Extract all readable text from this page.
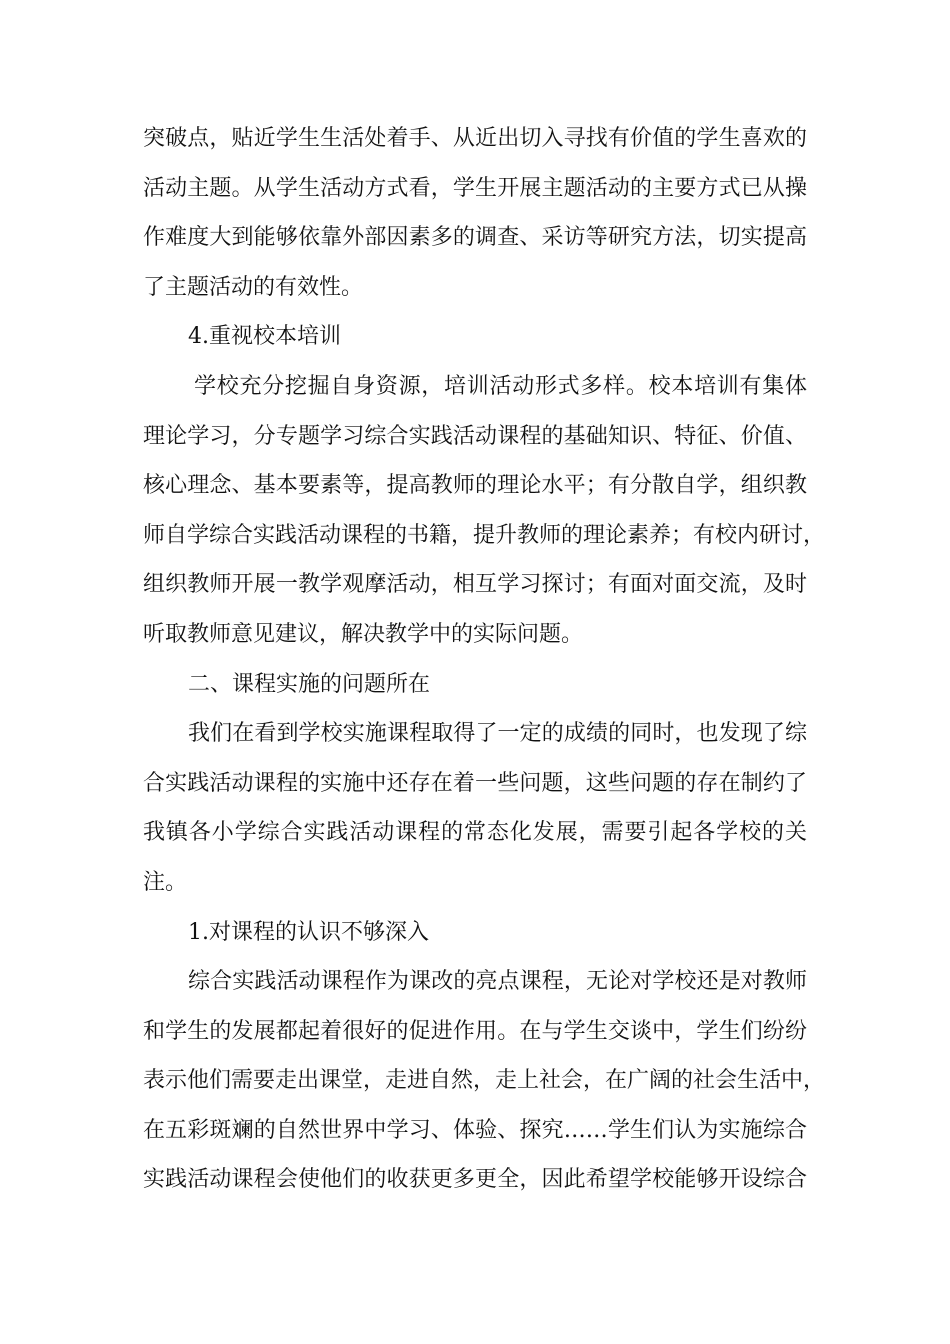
突破点，贴近学生生活处着手、从近出切入寻找有价值的学生喜欢的
活动主题。从学生活动方式看，学生开展主题活动的主要方式已从操
作难度大到能够依靠外部因素多的调查、采访等研究方法，切实提高
了主题活动的有效性。
4.重视校本培训
学校充分挖掘自身资源，培训活动形式多样。校本培训有集体
理论学习，分专题学习综合实践活动课程的基础知识、特征、价值、
核心理念、基本要素等，提高教师的理论水平；有分散自学，组织教
师自学综合实践活动课程的书籍，提升教师的理论素养；有校内研讨，
组织教师开展一教学观摩活动，相互学习探讨；有面对面交流，及时
听取教师意见建议，解决教学中的实际问题。
二、课程实施的问题所在
我们在看到学校实施课程取得了一定的成绩的同时，也发现了综
合实践活动课程的实施中还存在着一些问题，这些问题的存在制约了
我镇各小学综合实践活动课程的常态化发展，需要引起各学校的关
注。
1.对课程的认识不够深入
综合实践活动课程作为课改的亮点课程，无论对学校还是对教师
和学生的发展都起着很好的促进作用。在与学生交谈中，学生们纷纷
表示他们需要走出课堂，走进自然，走上社会，在广阔的社会生活中，
在五彩斑斓的自然世界中学习、体验、探究……学生们认为实施综合
实践活动课程会使他们的收获更多更全，因此希望学校能够开设综合
